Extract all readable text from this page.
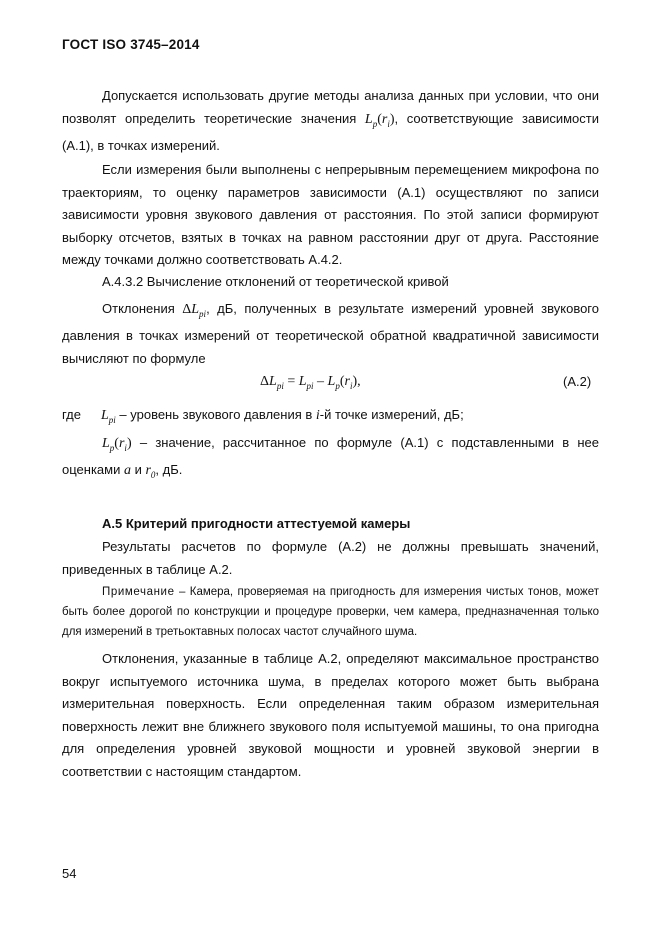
ГОСТ ISO 3745–2014
Допускается использовать другие методы анализа данных при условии, что они позволят определить теоретические значения $L_p(r_i)$, соответствующие зависимости (А.1), в точках измерений.
Если измерения были выполнены с непрерывным перемещением микрофона по траекториям, то оценку параметров зависимости (А.1) осуществляют по записи зависимости уровня звукового давления от расстояния. По этой записи формируют выборку отсчетов, взятых в точках на равном расстоянии друг от друга. Расстояние между точками должно соответствовать А.4.2.
А.4.3.2 Вычисление отклонений от теоретической кривой
Отклонения $\Delta L_{pi}$, дБ, полученных в результате измерений уровней звукового давления в точках измерений от теоретической обратной квадратичной зависимости вычисляют по формуле
$\Delta L_{pi} = L_{pi} - L_p(r_i)$,	(А.2)
где $L_{pi}$ – уровень звукового давления в i-й точке измерений, дБ;
$L_p(r_i)$ – значение, рассчитанное по формуле (А.1) с подставленными в нее оценками a и $r_0$, дБ.
А.5 Критерий пригодности аттестуемой камеры
Результаты расчетов по формуле (А.2) не должны превышать значений, приведенных в таблице А.2.
Примечание – Камера, проверяемая на пригодность для измерения чистых тонов, может быть более дорогой по конструкции и процедуре проверки, чем камера, предназначенная только для измерений в третьоктавных полосах частот случайного шума.
Отклонения, указанные в таблице А.2, определяют максимальное пространство вокруг испытуемого источника шума, в пределах которого может быть выбрана измерительная поверхность. Если определенная таким образом измерительная поверхность лежит вне ближнего звукового поля испытуемой машины, то она пригодна для определения уровней звуковой мощности и уровней звуковой энергии в соответствии с настоящим стандартом.
54
